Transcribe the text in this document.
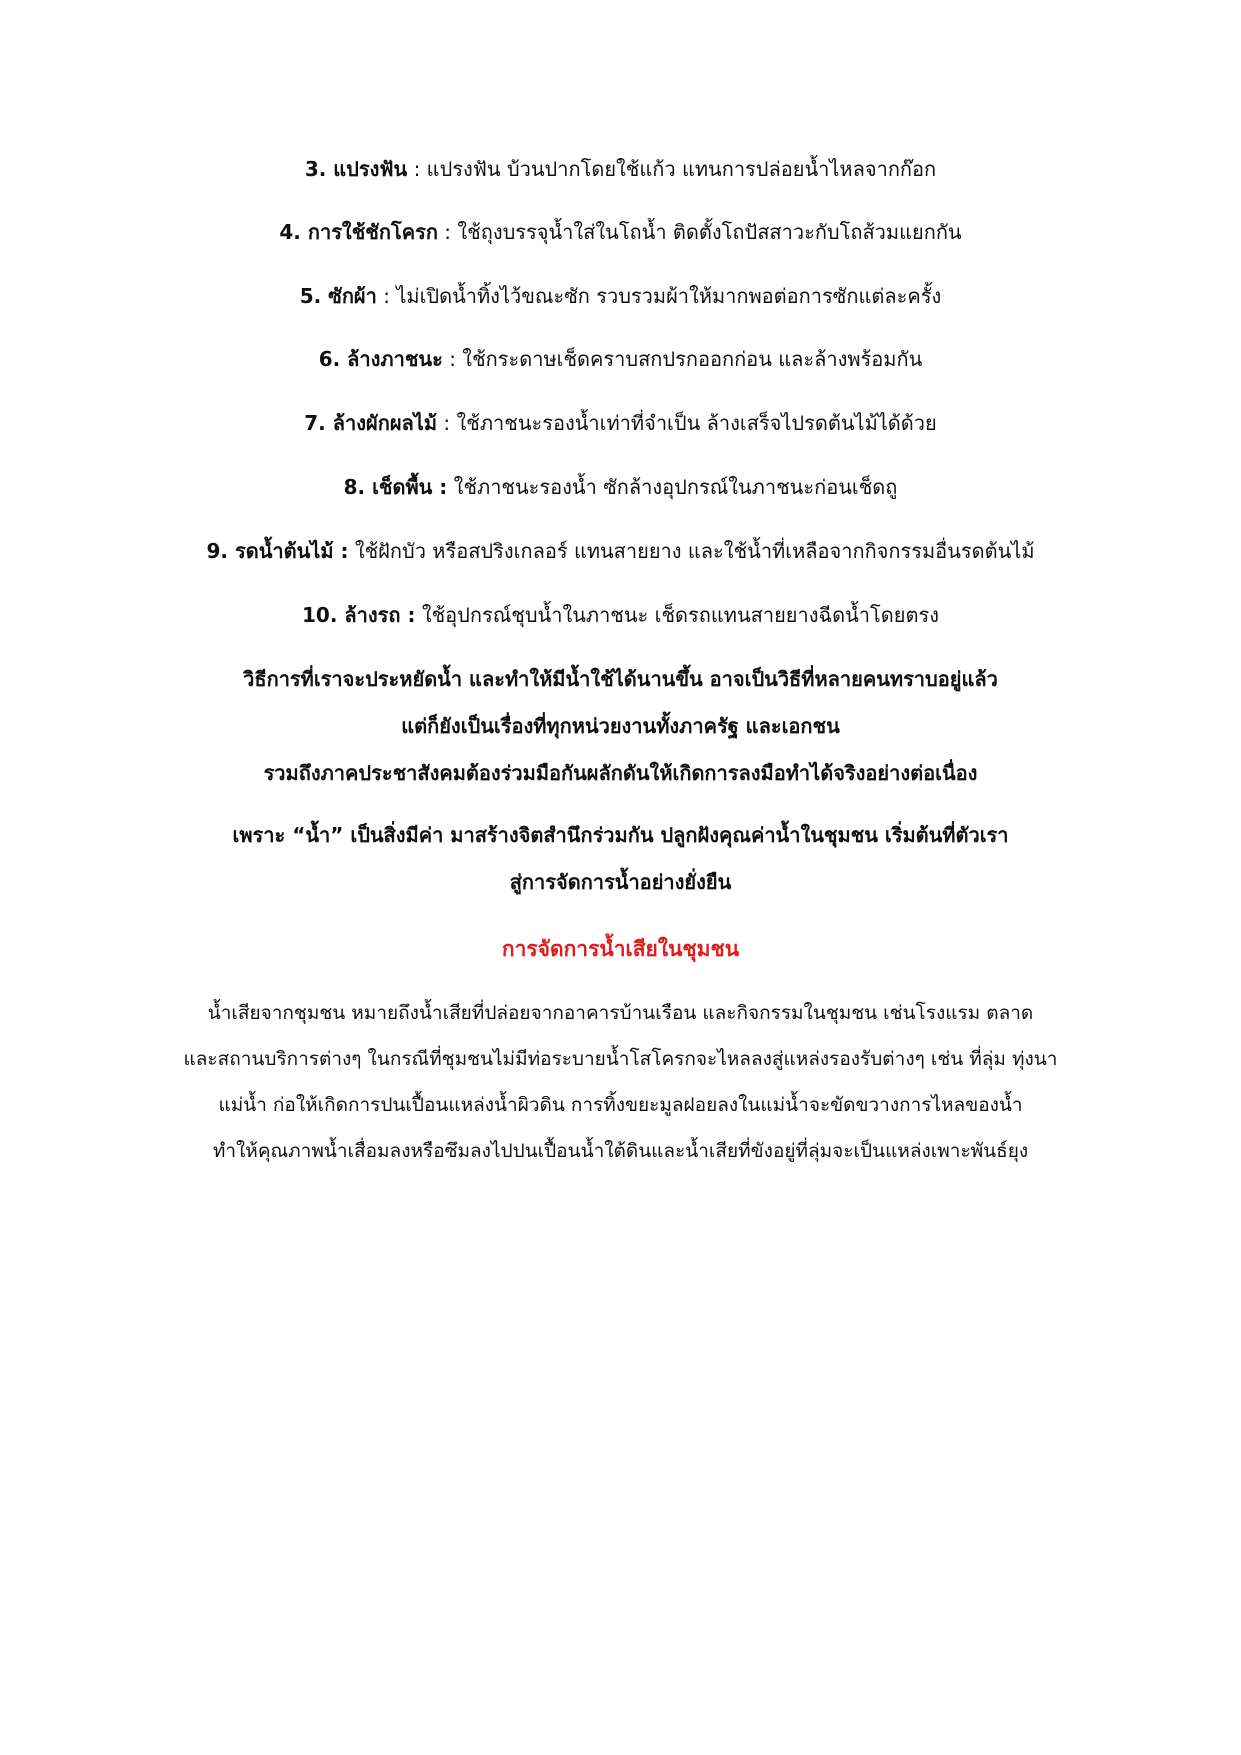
3. แปรงฟัน : แปรงฟัน บ้วนปากโดยใช้แก้ว แทนการปล่อยน้ำไหลจากก๊อก
4. การใช้ชักโครก : ใช้ถุงบรรจุน้ำใส่ในโถน้ำ ติดตั้งโถปัสสาวะกับโถส้วมแยกกัน
5. ซักผ้า : ไม่เปิดน้ำทิ้งไว้ขณะซัก รวบรวมผ้าให้มากพอต่อการซักแต่ละครั้ง
6. ล้างภาชนะ : ใช้กระดาษเช็ดคราบสกปรกออกก่อน และล้างพร้อมกัน
7. ล้างผักผลไม้ : ใช้ภาชนะรองน้ำเท่าที่จำเป็น ล้างเสร็จไปรดต้นไม้ได้ด้วย
8. เช็ดพื้น : ใช้ภาชนะรองน้ำ ซักล้างอุปกรณ์ในภาชนะก่อนเช็ดถู
9. รดน้ำต้นไม้ : ใช้ฝักบัว หรือสปริงเกลอร์ แทนสายยาง และใช้น้ำที่เหลือจากกิจกรรมอื่นรดต้นไม้
10. ล้างรถ : ใช้อุปกรณ์ชุบน้ำในภาชนะ เช็ดรถแทนสายยางฉีดน้ำโดยตรง
วิธีการที่เราจะประหยัดน้ำ และทำให้มีน้ำใช้ได้นานขึ้น อาจเป็นวิธีที่หลายคนทราบอยู่แล้ว
แต่ก็ยังเป็นเรื่องที่ทุกหน่วยงานทั้งภาครัฐ และเอกชน
รวมถึงภาคประชาสังคมต้องร่วมมือกันผลักดันให้เกิดการลงมือทำได้จริงอย่างต่อเนื่อง
เพราะ “น้ำ” เป็นสิ่งมีค่า มาสร้างจิตสำนึกร่วมกัน ปลูกฝังคุณค่าน้ำในชุมชน เริ่มต้นที่ตัวเรา
สู่การจัดการน้ำอย่างยั่งยืน
การจัดการน้ำเสียในชุมชน
น้ำเสียจากชุมชน หมายถึงน้ำเสียที่ปล่อยจากอาคารบ้านเรือน และกิจกรรมในชุมชน เช่นโรงแรม ตลาด
และสถานบริการต่างๆ ในกรณีที่ชุมชนไม่มีท่อระบายน้ำโสโครกจะไหลลงสู่แหล่งรองรับต่างๆ เช่น ที่ลุ่ม ทุ่งนา
แม่น้ำ ก่อให้เกิดการปนเปื้อนแหล่งน้ำผิวดิน การทิ้งขยะมูลฝอยลงในแม่น้ำจะขัดขวางการไหลของน้ำ
ทำให้คุณภาพน้ำเสื่อมลงหรือซึมลงไปปนเปื้อนน้ำใต้ดินและน้ำเสียที่ขังอยู่ที่ลุ่มจะเป็นแหล่งเพาะพันธ์ยุง
